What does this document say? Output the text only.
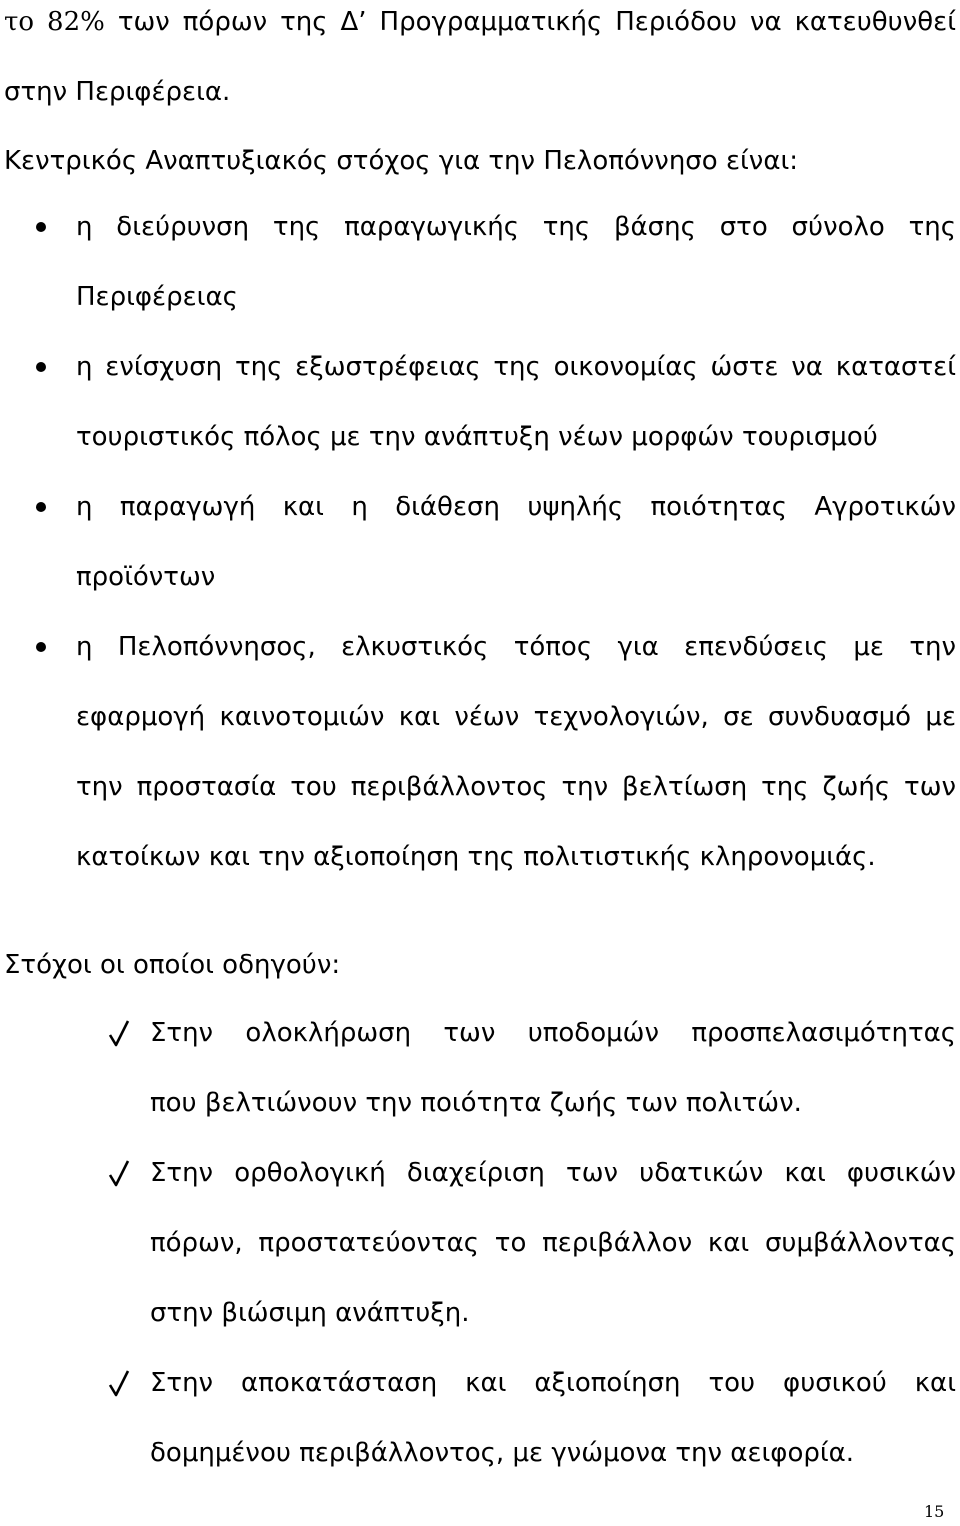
το 82% των πόρων της Δ’ Προγραμματικής Περιόδου να κατευθυνθεί
στην Περιφέρεια.
Κεντρικός Αναπτυξιακός στόχος για την Πελοπόννησο είναι:
η διεύρυνση της παραγωγικής της βάσης στο σύνολο της
Περιφέρειας
η ενίσχυση της εξωστρέφειας της οικονομίας ώστε να καταστεί
τουριστικός πόλος με την ανάπτυξη νέων μορφών τουρισμού
η παραγωγή και η διάθεση υψηλής ποιότητας Αγροτικών
προϊόντων
η Πελοπόννησος, ελκυστικός τόπος για επενδύσεις με την
εφαρμογή καινοτομιών και νέων τεχνολογιών, σε συνδυασμό με
την προστασία του περιβάλλοντος την βελτίωση της ζωής των
κατοίκων και την αξιοποίηση της πολιτιστικής κληρονομιάς.
Στόχοι οι οποίοι οδηγούν:
Στην ολοκλήρωση των υποδομών προσπελασιμότητας
που βελτιώνουν την ποιότητα ζωής των πολιτών.
Στην ορθολογική διαχείριση των υδατικών και φυσικών
πόρων, προστατεύοντας το περιβάλλον και συμβάλλοντας
στην βιώσιμη ανάπτυξη.
Στην αποκατάσταση και αξιοποίηση του φυσικού και
δομημένου περιβάλλοντος, με γνώμονα την αειφορία.
15
